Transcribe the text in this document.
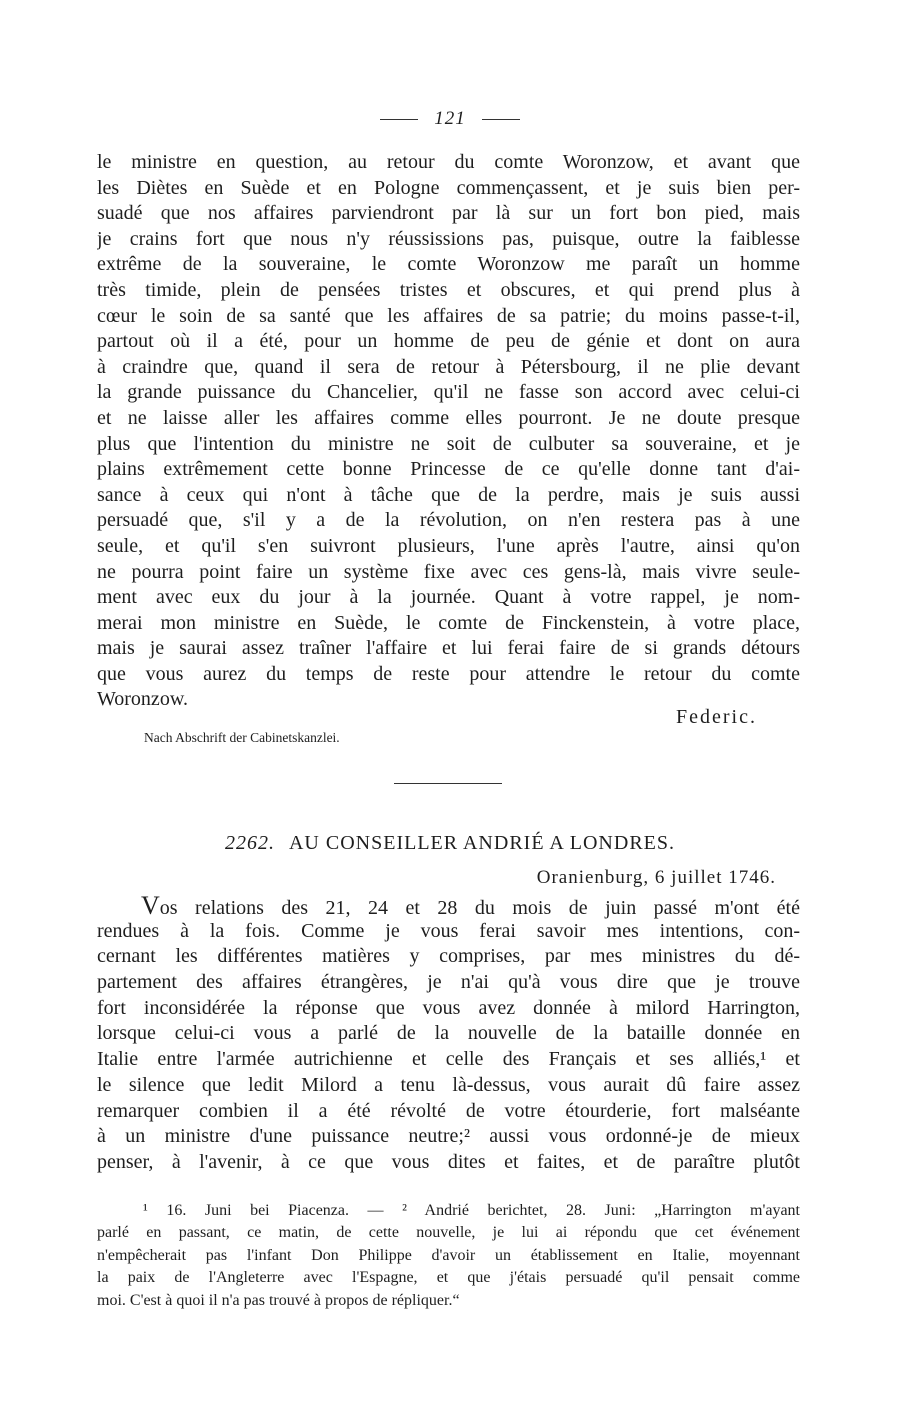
121
le ministre en question, au retour du comte Woronzow, et avant que
les Diètes en Suède et en Pologne commençassent, et je suis bien per-
suadé que nos affaires parviendront par là sur un fort bon pied, mais
je crains fort que nous n'y réussissions pas, puisque, outre la faiblesse
extrême de la souveraine, le comte Woronzow me paraît un homme
très timide, plein de pensées tristes et obscures, et qui prend plus à
cœur le soin de sa santé que les affaires de sa patrie; du moins passe-t-il,
partout où il a été, pour un homme de peu de génie et dont on aura
à craindre que, quand il sera de retour à Pétersbourg, il ne plie devant
la grande puissance du Chancelier, qu'il ne fasse son accord avec celui-ci
et ne laisse aller les affaires comme elles pourront. Je ne doute presque
plus que l'intention du ministre ne soit de culbuter sa souveraine, et je
plains extrêmement cette bonne Princesse de ce qu'elle donne tant d'ai-
sance à ceux qui n'ont à tâche que de la perdre, mais je suis aussi
persuadé que, s'il y a de la révolution, on n'en restera pas à une
seule, et qu'il s'en suivront plusieurs, l'une après l'autre, ainsi qu'on
ne pourra point faire un système fixe avec ces gens-là, mais vivre seule-
ment avec eux du jour à la journée. Quant à votre rappel, je nom-
merai mon ministre en Suède, le comte de Finckenstein, à votre place,
mais je saurai assez traîner l'affaire et lui ferai faire de si grands détours
que vous aurez du temps de reste pour attendre le retour du comte
Woronzow.
Federic.
Nach Abschrift der Cabinetskanzlei.
2262. AU CONSEILLER ANDRIÉ A LONDRES.
Oranienburg, 6 juillet 1746.
Vos relations des 21, 24 et 28 du mois de juin passé m'ont été
rendues à la fois. Comme je vous ferai savoir mes intentions, con-
cernant les différentes matières y comprises, par mes ministres du dé-
partement des affaires étrangères, je n'ai qu'à vous dire que je trouve
fort inconsidérée la réponse que vous avez donnée à milord Harrington,
lorsque celui-ci vous a parlé de la nouvelle de la bataille donnée en
Italie entre l'armée autrichienne et celle des Français et ses alliés,¹ et
le silence que ledit Milord a tenu là-dessus, vous aurait dû faire assez
remarquer combien il a été révolté de votre étourderie, fort malséante
à un ministre d'une puissance neutre;² aussi vous ordonné-je de mieux
penser, à l'avenir, à ce que vous dites et faites, et de paraître plutôt
¹ 16. Juni bei Piacenza. — ² Andrié berichtet, 28. Juni: „Harrington m'ayant
parlé en passant, ce matin, de cette nouvelle, je lui ai répondu que cet événement
n'empêcherait pas l'infant Don Philippe d'avoir un établissement en Italie, moyennant
la paix de l'Angleterre avec l'Espagne, et que j'étais persuadé qu'il pensait comme
moi. C'est à quoi il n'a pas trouvé à propos de répliquer.“
